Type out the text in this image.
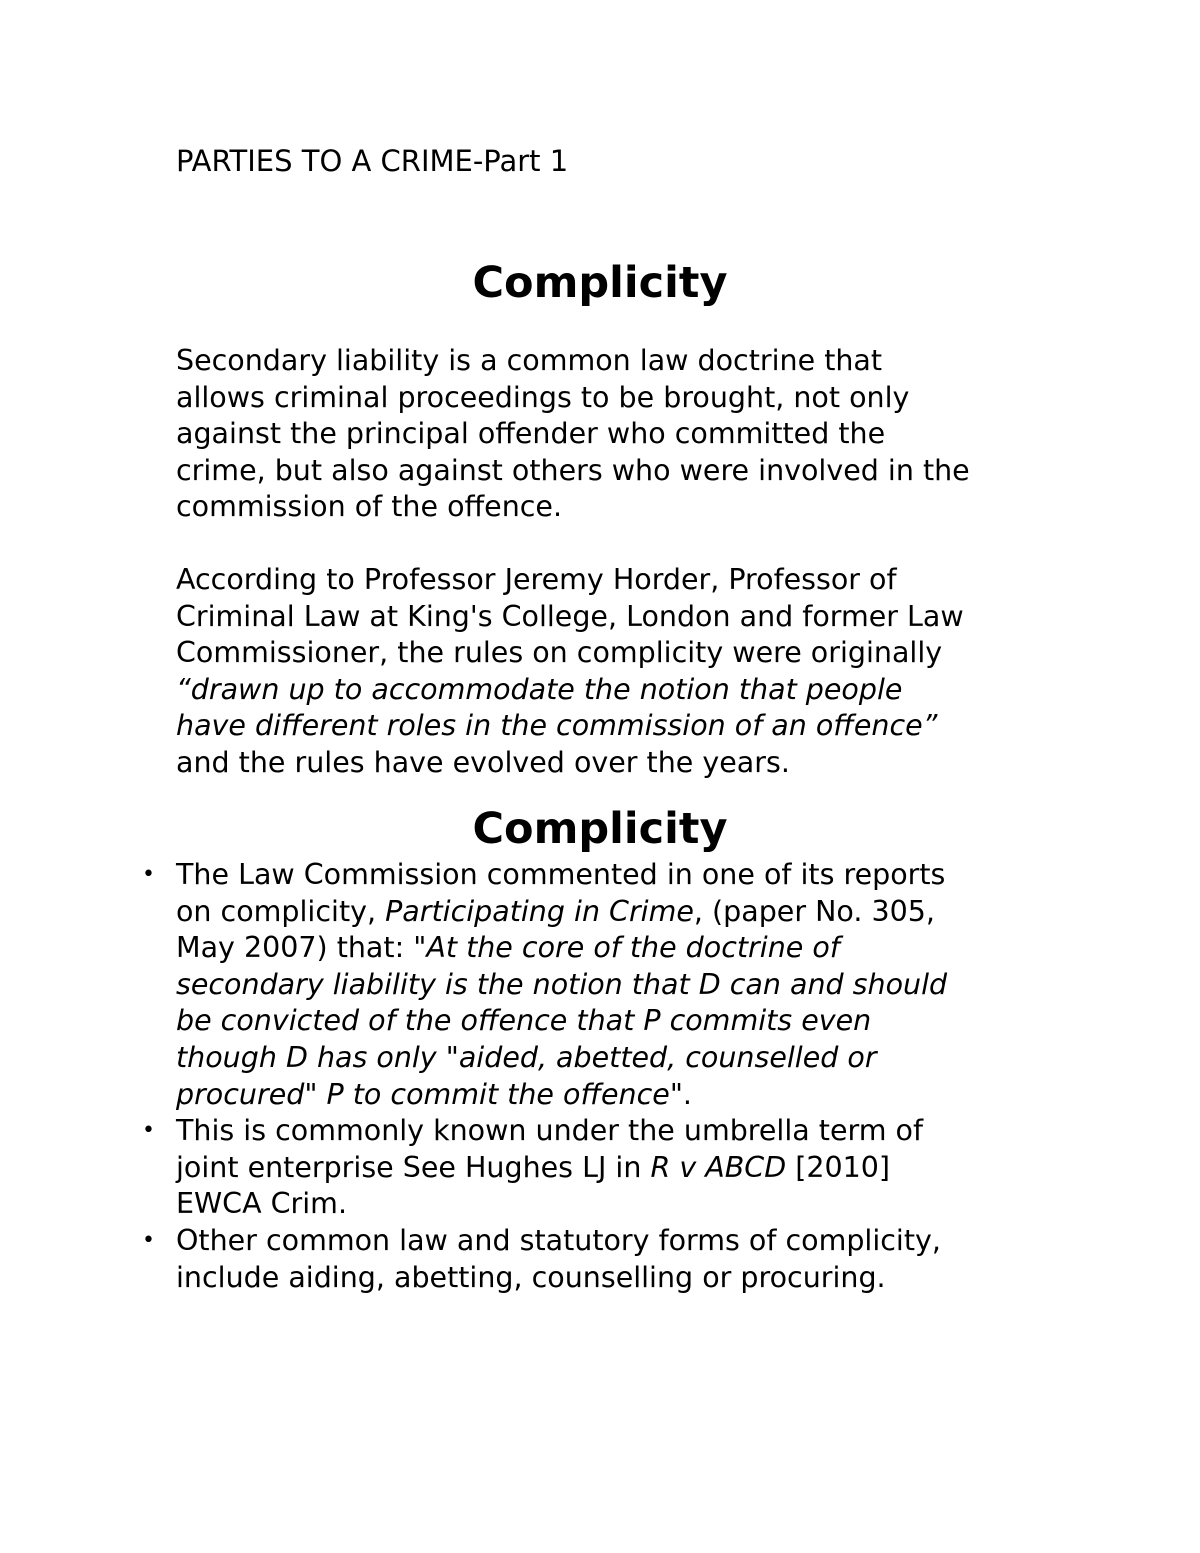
PARTIES TO A CRIME-Part 1
Complicity
Secondary liability is a common law doctrine that
allows criminal proceedings to be brought, not only
against the principal offender who committed the
crime, but also against others who were involved in the
commission of the offence.
According to Professor Jeremy Horder, Professor of
Criminal Law at King's College, London and former Law
Commissioner, the rules on complicity were originally
“drawn up to accommodate the notion that people
have different roles in the commission of an offence”
and the rules have evolved over the years.
Complicity
• The Law Commission commented in one of its reports
on complicity, Participating in Crime, (paper No. 305,
May 2007) that: "At the core of the doctrine of
secondary liability is the notion that D can and should
be convicted of the offence that P commits even
though D has only "aided, abetted, counselled or
procured" P to commit the offence".
• This is commonly known under the umbrella term of
joint enterprise See Hughes LJ in R v ABCD [2010]
EWCA Crim.
• Other common law and statutory forms of complicity,
include aiding, abetting, counselling or procuring.
